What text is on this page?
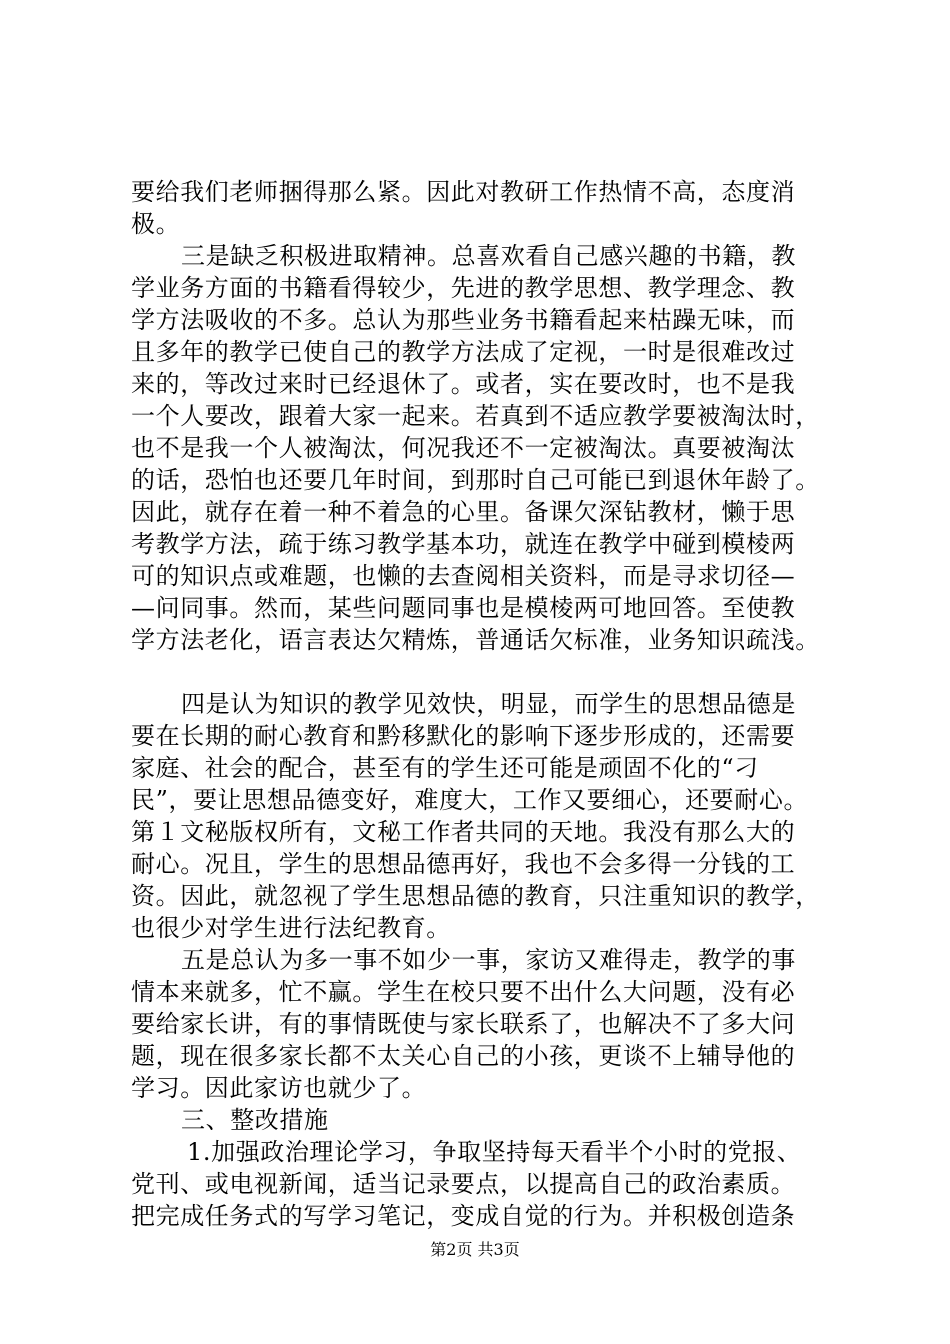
要给我们老师捆得那么紧。因此对教研工作热情不高，态度消
极。
三是缺乏积极进取精神。总喜欢看自己感兴趣的书籍，教
学业务方面的书籍看得较少，先进的教学思想、教学理念、教
学方法吸收的不多。总认为那些业务书籍看起来枯躁无味，而
且多年的教学已使自己的教学方法成了定视，一时是很难改过
来的，等改过来时已经退休了。或者，实在要改时，也不是我
一个人要改，跟着大家一起来。若真到不适应教学要被淘汰时，
也不是我一个人被淘汰，何况我还不一定被淘汰。真要被淘汰
的话，恐怕也还要几年时间，到那时自己可能已到退休年龄了。
因此，就存在着一种不着急的心里。备课欠深钻教材，懒于思
考教学方法，疏于练习教学基本功，就连在教学中碰到模棱两
可的知识点或难题，也懒的去查阅相关资料，而是寻求切径—
—问同事。然而，某些问题同事也是模棱两可地回答。至使教
学方法老化，语言表达欠精炼，普通话欠标准，业务知识疏浅。
四是认为知识的教学见效快，明显，而学生的思想品德是
要在长期的耐心教育和黔移默化的影响下逐步形成的，还需要
家庭、社会的配合，甚至有的学生还可能是顽固不化的“刁
民”，要让思想品德变好，难度大，工作又要细心，还要耐心。
第１文秘版权所有，文秘工作者共同的天地。我没有那么大的
耐心。况且，学生的思想品德再好，我也不会多得一分钱的工
资。因此，就忽视了学生思想品德的教育，只注重知识的教学，
也很少对学生进行法纪教育。
五是总认为多一事不如少一事，家访又难得走，教学的事
情本来就多，忙不赢。学生在校只要不出什么大问题，没有必
要给家长讲，有的事情既使与家长联系了，也解决不了多大问
题，现在很多家长都不太关心自己的小孩，更谈不上辅导他的
学习。因此家访也就少了。
三、整改措施
1.加强政治理论学习，争取坚持每天看半个小时的党报、
党刊、或电视新闻，适当记录要点，以提高自己的政治素质。
把完成任务式的写学习笔记，变成自觉的行为。并积极创造条
第2页 共3页
